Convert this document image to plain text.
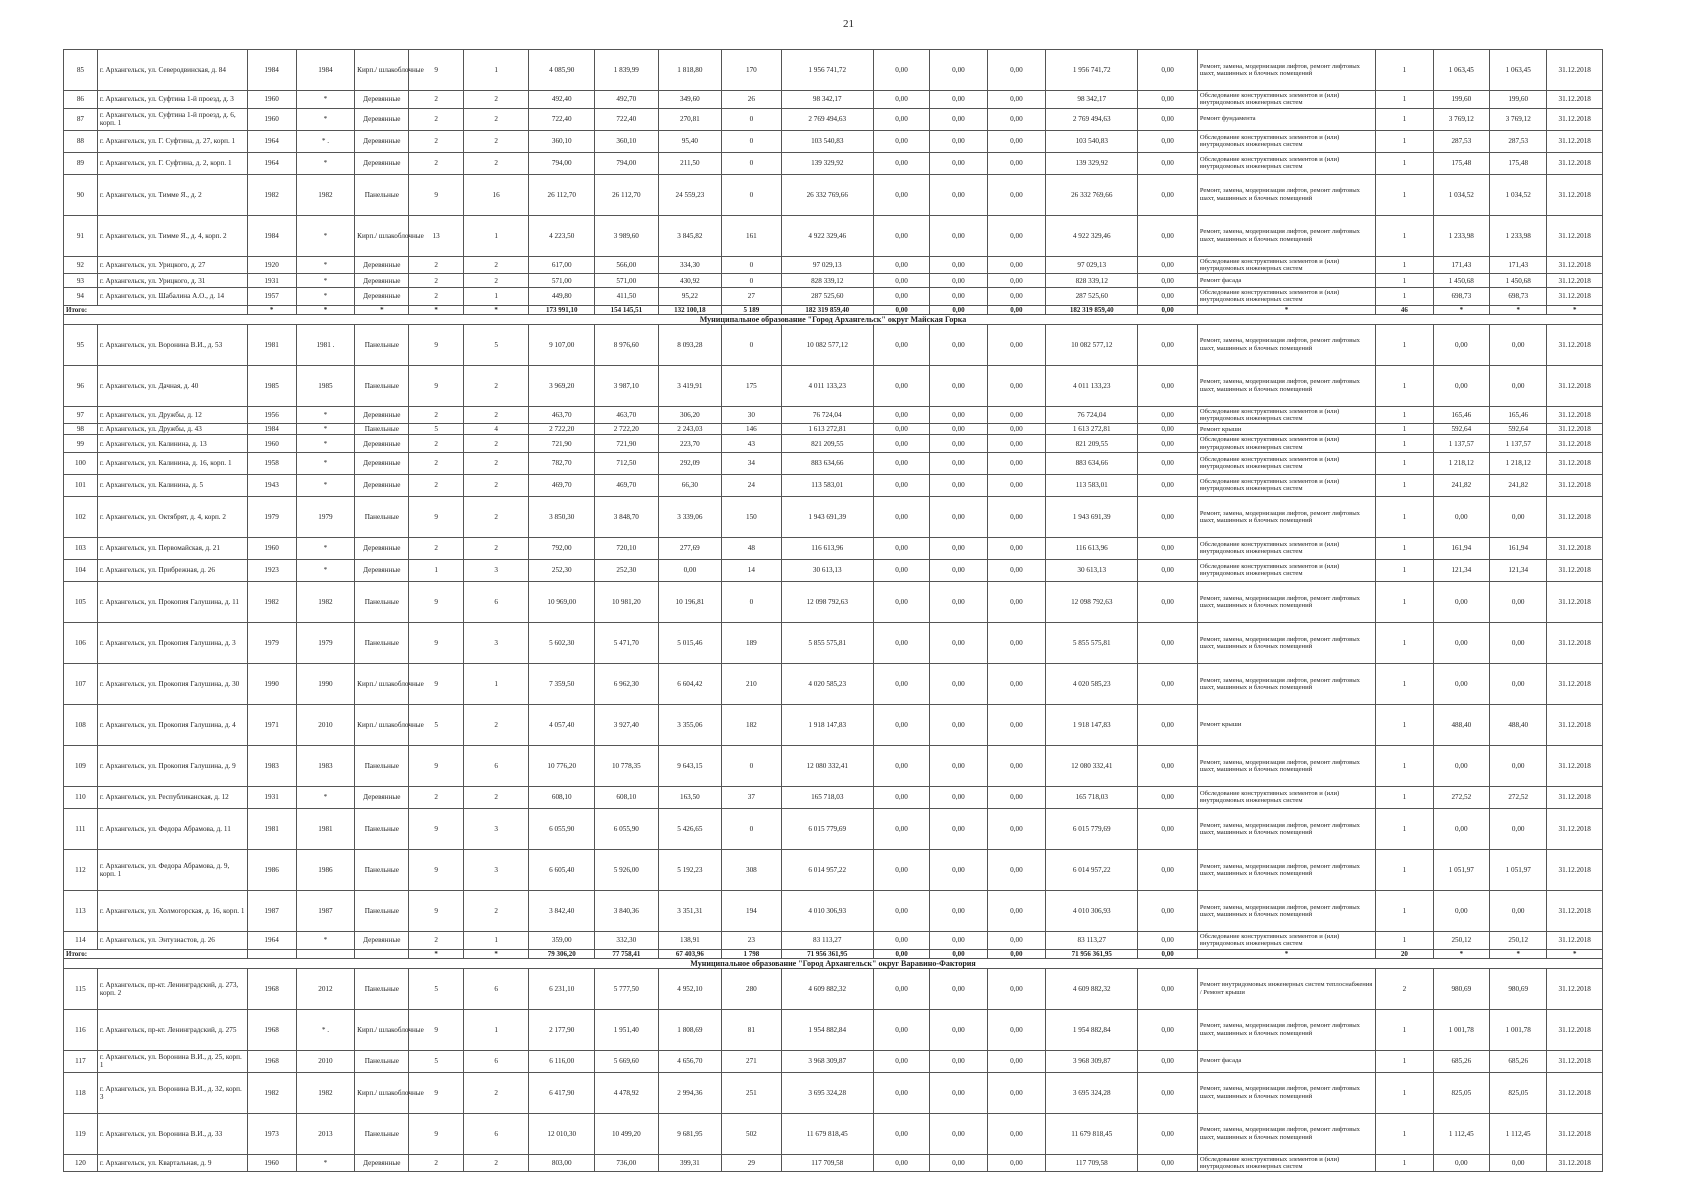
21
85	г. Архангельск, ул. Северодвинская, д. 84	1984	1984	Кирп./ шлакоблочные	9	1	4 085,90	1 839,99	1 818,80	170	1 956 741,72	0,00	0,00	0,00	1 956 741,72	0,00	Ремонт, замена, модернизация лифтов, ремонт лифтовых шахт, машинных и блочных помещений	1	1 063,45	1 063,45	31.12.2018
86	г. Архангельск, ул. Суфтина 1-й проезд, д. 3	1960	*	Деревянные	2	2	492,40	492,70	349,60	26	98 342,17	0,00	0,00	0,00	98 342,17	0,00	Обследование конструктивных элементов и (или) внутридомовых инженерных систем	1	199,60	199,60	31.12.2018
87	г. Архангельск, ул. Суфтина 1-й проезд, д. 6, корп. 1	1960	*	Деревянные	2	2	722,40	722,40	270,81	0	2 769 494,63	0,00	0,00	0,00	2 769 494,63	0,00	Ремонт фундамента	1	3 769,12	3 769,12	31.12.2018
88	г. Архангельск, ул. Г. Суфтина, д. 27, корп. 1	1964	* .	Деревянные	2	2	360,10	360,10	95,40	0	103 540,83	0,00	0,00	0,00	103 540,83	0,00	Обследование конструктивных элементов и (или) внутридомовых инженерных систем	1	287,53	287,53	31.12.2018
89	г. Архангельск, ул. Г. Суфтина, д. 2, корп. 1	1964	*	Деревянные	2	2	794,00	794,00	211,50	0	139 329,92	0,00	0,00	0,00	139 329,92	0,00	Обследование конструктивных элементов и (или) внутридомовых инженерных систем	1	175,48	175,48	31.12.2018
90	г. Архангельск, ул. Тимме Я., д. 2	1982	1982	Панельные	9	16	26 112,70	26 112,70	24 559,23	0	26 332 769,66	0,00	0,00	0,00	26 332 769,66	0,00	Ремонт, замена, модернизация лифтов, ремонт лифтовых шахт, машинных и блочных помещений	1	1 034,52	1 034,52	31.12.2018
91	г. Архангельск, ул. Тимме Я., д. 4, корп. 2	1984	*	Кирп./ шлакоблочные	13	1	4 223,50	3 989,60	3 845,82	161	4 922 329,46	0,00	0,00	0,00	4 922 329,46	0,00	Ремонт, замена, модернизация лифтов, ремонт лифтовых шахт, машинных и блочных помещений	1	1 233,98	1 233,98	31.12.2018
92	г. Архангельск, ул. Урицкого, д. 27	1920	*	Деревянные	2	2	617,00	566,00	334,30	0	97 029,13	0,00	0,00	0,00	97 029,13	0,00	Обследование конструктивных элементов и (или) внутридомовых инженерных систем	1	171,43	171,43	31.12.2018
93	г. Архангельск, ул. Урицкого, д. 31	1931	*	Деревянные	2	2	571,00	571,00	430,92	0	828 339,12	0,00	0,00	0,00	828 339,12	0,00	Ремонт фасада	1	1 450,68	1 450,68	31.12.2018
94	г. Архангельск, ул. Шабалина А.О., д. 14	1957	*	Деревянные	2	1	449,80	411,50	95,22	27	287 525,60	0,00	0,00	0,00	287 525,60	0,00	Обследование конструктивных элементов и (или) внутридомовых инженерных систем	1	698,73	698,73	31.12.2018
Итого:		*	*	*	*	*	173 991,10	154 145,51	132 100,18	5 189	182 319 859,40	0,00	0,00	0,00	182 319 859,40	0,00	*	46	*	*	*
Муниципальное образование "Город Архангельск" округ Майская Горка																					
95	г. Архангельск, ул. Воронина В.И., д. 53	1981	1981 .	Панельные	9	5	9 107,00	8 976,60	8 093,28	0	10 082 577,12	0,00	0,00	0,00	10 082 577,12	0,00	Ремонт, замена, модернизация лифтов, ремонт лифтовых шахт, машинных и блочных помещений	1	0,00	0,00	31.12.2018
96	г. Архангельск, ул. Дачная, д. 40	1985	1985	Панельные	9	2	3 969,20	3 987,10	3 419,91	175	4 011 133,23	0,00	0,00	0,00	4 011 133,23	0,00	Ремонт, замена, модернизация лифтов, ремонт лифтовых шахт, машинных и блочных помещений	1	0,00	0,00	31.12.2018
97	г. Архангельск, ул. Дружбы, д. 12	1956	*	Деревянные	2	2	463,70	463,70	306,20	30	76 724,04	0,00	0,00	0,00	76 724,04	0,00	Обследование конструктивных элементов и (или) внутридомовых инженерных систем	1	165,46	165,46	31.12.2018
98	г. Архангельск, ул. Дружбы, д. 43	1984	*	Панельные	5	4	2 722,20	2 722,20	2 243,03	146	1 613 272,81	0,00	0,00	0,00	1 613 272,81	0,00	Ремонт крыши	1	592,64	592,64	31.12.2018
99	г. Архангельск, ул. Калинина, д. 13	1960	*	Деревянные	2	2	721,90	721,90	223,70	43	821 209,55	0,00	0,00	0,00	821 209,55	0,00	Обследование конструктивных элементов и (или) внутридомовых инженерных систем	1	1 137,57	1 137,57	31.12.2018
100	г. Архангельск, ул. Калинина, д. 16, корп. 1	1958	*	Деревянные	2	2	782,70	712,50	292,09	34	883 634,66	0,00	0,00	0,00	883 634,66	0,00	Обследование конструктивных элементов и (или) внутридомовых инженерных систем	1	1 218,12	1 218,12	31.12.2018
101	г. Архангельск, ул. Калинина, д. 5	1943	*	Деревянные	2	2	469,70	469,70	66,30	24	113 583,01	0,00	0,00	0,00	113 583,01	0,00	Обследование конструктивных элементов и (или) внутридомовых инженерных систем	1	241,82	241,82	31.12.2018
102	г. Архангельск, ул. Октябрят, д. 4, корп. 2	1979	1979	Панельные	9	2	3 850,30	3 848,70	3 339,06	150	1 943 691,39	0,00	0,00	0,00	1 943 691,39	0,00	Ремонт, замена, модернизация лифтов, ремонт лифтовых шахт, машинных и блочных помещений	1	0,00	0,00	31.12.2018
103	г. Архангельск, ул. Первомайская, д. 21	1960	*	Деревянные	2	2	792,00	720,10	277,69	48	116 613,96	0,00	0,00	0,00	116 613,96	0,00	Обследование конструктивных элементов и (или) внутридомовых инженерных систем	1	161,94	161,94	31.12.2018
104	г. Архангельск, ул. Прибрежная, д. 26	1923	*	Деревянные	1	3	252,30	252,30	0,00	14	30 613,13	0,00	0,00	0,00	30 613,13	0,00	Обследование конструктивных элементов и (или) внутридомовых инженерных систем	1	121,34	121,34	31.12.2018
105	г. Архангельск, ул. Прокопия Галушина, д. 11	1982	1982	Панельные	9	6	10 969,00	10 981,20	10 196,81	0	12 098 792,63	0,00	0,00	0,00	12 098 792,63	0,00	Ремонт, замена, модернизация лифтов, ремонт лифтовых шахт, машинных и блочных помещений	1	0,00	0,00	31.12.2018
106	г. Архангельск, ул. Прокопия Галушина, д. 3	1979	1979	Панельные	9	3	5 602,30	5 471,70	5 015,46	189	5 855 575,81	0,00	0,00	0,00	5 855 575,81	0,00	Ремонт, замена, модернизация лифтов, ремонт лифтовых шахт, машинных и блочных помещений	1	0,00	0,00	31.12.2018
107	г. Архангельск, ул. Прокопия Галушина, д. 30	1990	1990	Кирп./ шлакоблочные	9	1	7 359,50	6 962,30	6 604,42	210	4 020 585,23	0,00	0,00	0,00	4 020 585,23	0,00	Ремонт, замена, модернизация лифтов, ремонт лифтовых шахт, машинных и блочных помещений	1	0,00	0,00	31.12.2018
108	г. Архангельск, ул. Прокопия Галушина, д. 4	1971	2010	Кирп./ шлакоблочные	5	2	4 057,40	3 927,40	3 355,06	182	1 918 147,83	0,00	0,00	0,00	1 918 147,83	0,00	Ремонт крыши	1	488,40	488,40	31.12.2018
109	г. Архангельск, ул. Прокопия Галушина, д. 9	1983	1983	Панельные	9	6	10 776,20	10 778,35	9 643,15	0	12 080 332,41	0,00	0,00	0,00	12 080 332,41	0,00	Ремонт, замена, модернизация лифтов, ремонт лифтовых шахт, машинных и блочных помещений	1	0,00	0,00	31.12.2018
110	г. Архангельск, ул. Республиканская, д. 12	1931	*	Деревянные	2	2	608,10	608,10	163,50	37	165 718,03	0,00	0,00	0,00	165 718,03	0,00	Обследование конструктивных элементов и (или) внутридомовых инженерных систем	1	272,52	272,52	31.12.2018
111	г. Архангельск, ул. Федора Абрамова, д. 11	1981	1981	Панельные	9	3	6 055,90	6 055,90	5 426,65	0	6 015 779,69	0,00	0,00	0,00	6 015 779,69	0,00	Ремонт, замена, модернизация лифтов, ремонт лифтовых шахт, машинных и блочных помещений	1	0,00	0,00	31.12.2018
112	г. Архангельск, ул. Федора Абрамова, д. 9, корп. 1	1986	1986	Панельные	9	3	6 605,40	5 926,00	5 192,23	308	6 014 957,22	0,00	0,00	0,00	6 014 957,22	0,00	Ремонт, замена, модернизация лифтов, ремонт лифтовых шахт, машинных и блочных помещений	1	1 051,97	1 051,97	31.12.2018
113	г. Архангельск, ул. Холмогорская, д. 16, корп. 1	1987	1987	Панельные	9	2	3 842,40	3 840,36	3 351,31	194	4 010 306,93	0,00	0,00	0,00	4 010 306,93	0,00	Ремонт, замена, модернизация лифтов, ремонт лифтовых шахт, машинных и блочных помещений	1	0,00	0,00	31.12.2018
114	г. Архангельск, ул. Энтузиастов, д. 26	1964	*	Деревянные	2	1	359,00	332,30	138,91	23	83 113,27	0,00	0,00	0,00	83 113,27	0,00	Обследование конструктивных элементов и (или) внутридомовых инженерных систем	1	250,12	250,12	31.12.2018
Итого:					*	*	79 306,20	77 758,41	67 403,96	1 798	71 956 361,95	0,00	0,00	0,00	71 956 361,95	0,00	*	20	*	*	*
Муниципальное образование "Город Архангельск" округ Варавино-Фактория																					
115	г. Архангельск, пр-кт. Ленинградский, д. 273, корп. 2	1968	2012	Панельные	5	6	6 231,10	5 777,50	4 952,10	280	4 609 882,32	0,00	0,00	0,00	4 609 882,32	0,00	Ремонт внутридомовых инженерных систем теплоснабжения / Ремонт крыши	2	980,69	980,69	31.12.2018
116	г. Архангельск, пр-кт. Ленинградский, д. 275	1968	* .	Кирп./ шлакоблочные	9	1	2 177,90	1 951,40	1 808,69	81	1 954 882,84	0,00	0,00	0,00	1 954 882,84	0,00	Ремонт, замена, модернизация лифтов, ремонт лифтовых шахт, машинных и блочных помещений	1	1 001,78	1 001,78	31.12.2018
117	г. Архангельск, ул. Воронина В.И., д. 25, корп. 1	1968	2010	Панельные	5	6	6 116,00	5 669,60	4 656,70	271	3 968 309,87	0,00	0,00	0,00	3 968 309,87	0,00	Ремонт фасада	1	685,26	685,26	31.12.2018
118	г. Архангельск, ул. Воронина В.И., д. 32, корп. 3	1982	1982	Кирп./ шлакоблочные	9	2	6 417,90	4 478,92	2 994,36	251	3 695 324,28	0,00	0,00	0,00	3 695 324,28	0,00	Ремонт, замена, модернизация лифтов, ремонт лифтовых шахт, машинных и блочных помещений	1	825,05	825,05	31.12.2018
119	г. Архангельск, ул. Воронина В.И., д. 33	1973	2013	Панельные	9	6	12 010,30	10 499,20	9 681,95	502	11 679 818,45	0,00	0,00	0,00	11 679 818,45	0,00	Ремонт, замена, модернизация лифтов, ремонт лифтовых шахт, машинных и блочных помещений	1	1 112,45	1 112,45	31.12.2018
120	г. Архангельск, ул. Квартальная, д. 9	1960	*	Деревянные	2	2	803,00	736,00	399,31	29	117 709,58	0,00	0,00	0,00	117 709,58	0,00	Обследование конструктивных элементов и (или) внутридомовых инженерных систем	1	0,00	0,00	31.12.2018
